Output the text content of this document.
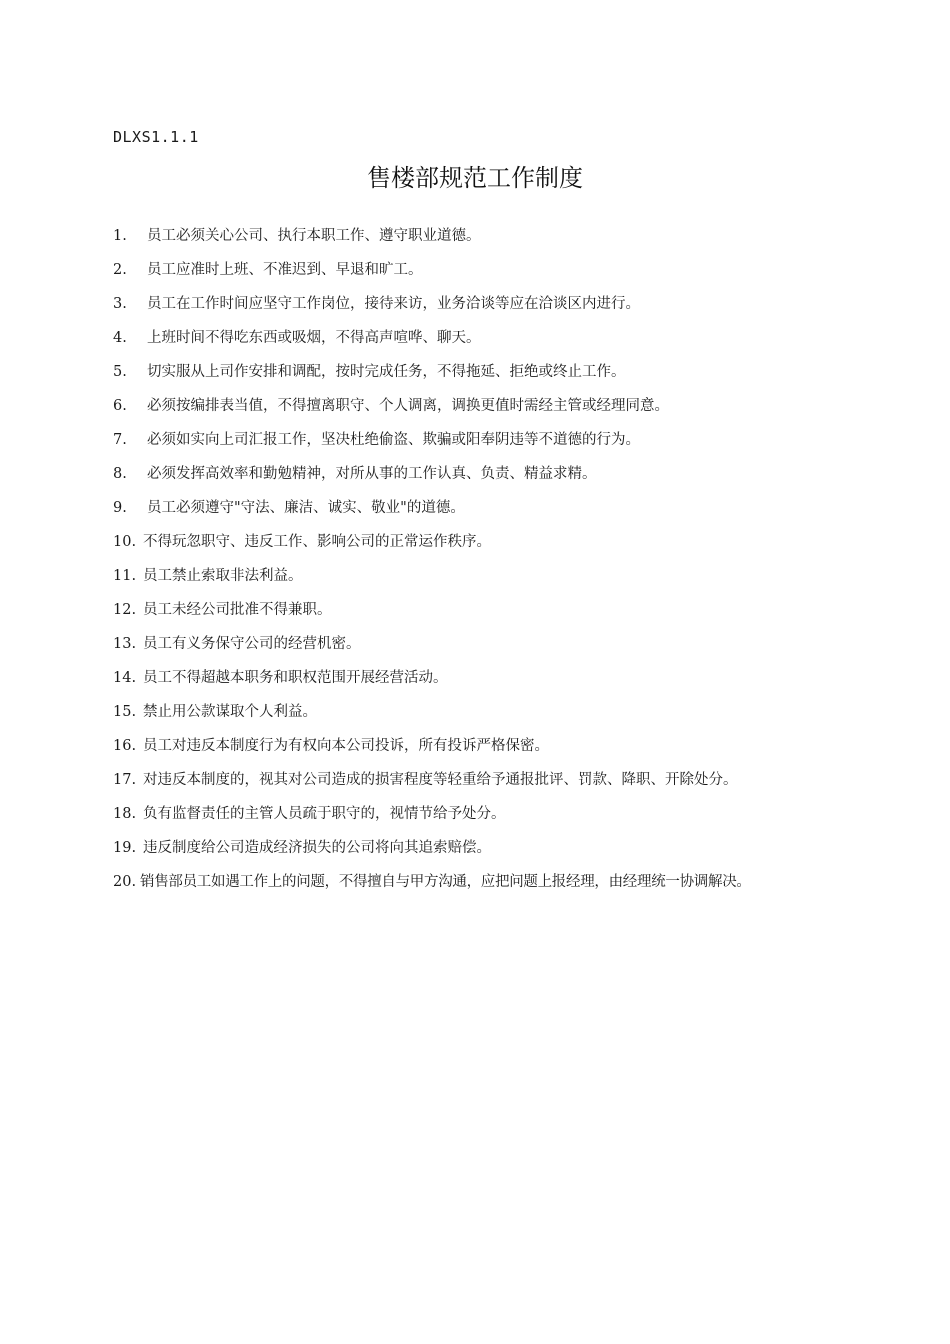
DLXS1.1.1
售楼部规范工作制度
1. 员工必须关心公司、执行本职工作、遵守职业道德。
2. 员工应准时上班、不准迟到、早退和旷工。
3. 员工在工作时间应坚守工作岗位，接待来访，业务洽谈等应在洽谈区内进行。
4. 上班时间不得吃东西或吸烟，不得高声喧哗、聊天。
5. 切实服从上司作安排和调配，按时完成任务，不得拖延、拒绝或终止工作。
6. 必须按编排表当值，不得擅离职守、个人调离，调换更值时需经主管或经理同意。
7. 必须如实向上司汇报工作，坚决杜绝偷盗、欺骗或阳奉阴违等不道德的行为。
8. 必须发挥高效率和勤勉精神，对所从事的工作认真、负责、精益求精。
9. 员工必须遵守"守法、廉洁、诚实、敬业"的道德。
10. 不得玩忽职守、违反工作、影响公司的正常运作秩序。
11. 员工禁止索取非法利益。
12. 员工未经公司批准不得兼职。
13. 员工有义务保守公司的经营机密。
14. 员工不得超越本职务和职权范围开展经营活动。
15. 禁止用公款谋取个人利益。
16. 员工对违反本制度行为有权向本公司投诉，所有投诉严格保密。
17. 对违反本制度的，视其对公司造成的损害程度等轻重给予通报批评、罚款、降职、开除处分。
18. 负有监督责任的主管人员疏于职守的，视情节给予处分。
19. 违反制度给公司造成经济损失的公司将向其追索赔偿。
20. 销售部员工如遇工作上的问题，不得擅自与甲方沟通，应把问题上报经理，由经理统一协调解决。
